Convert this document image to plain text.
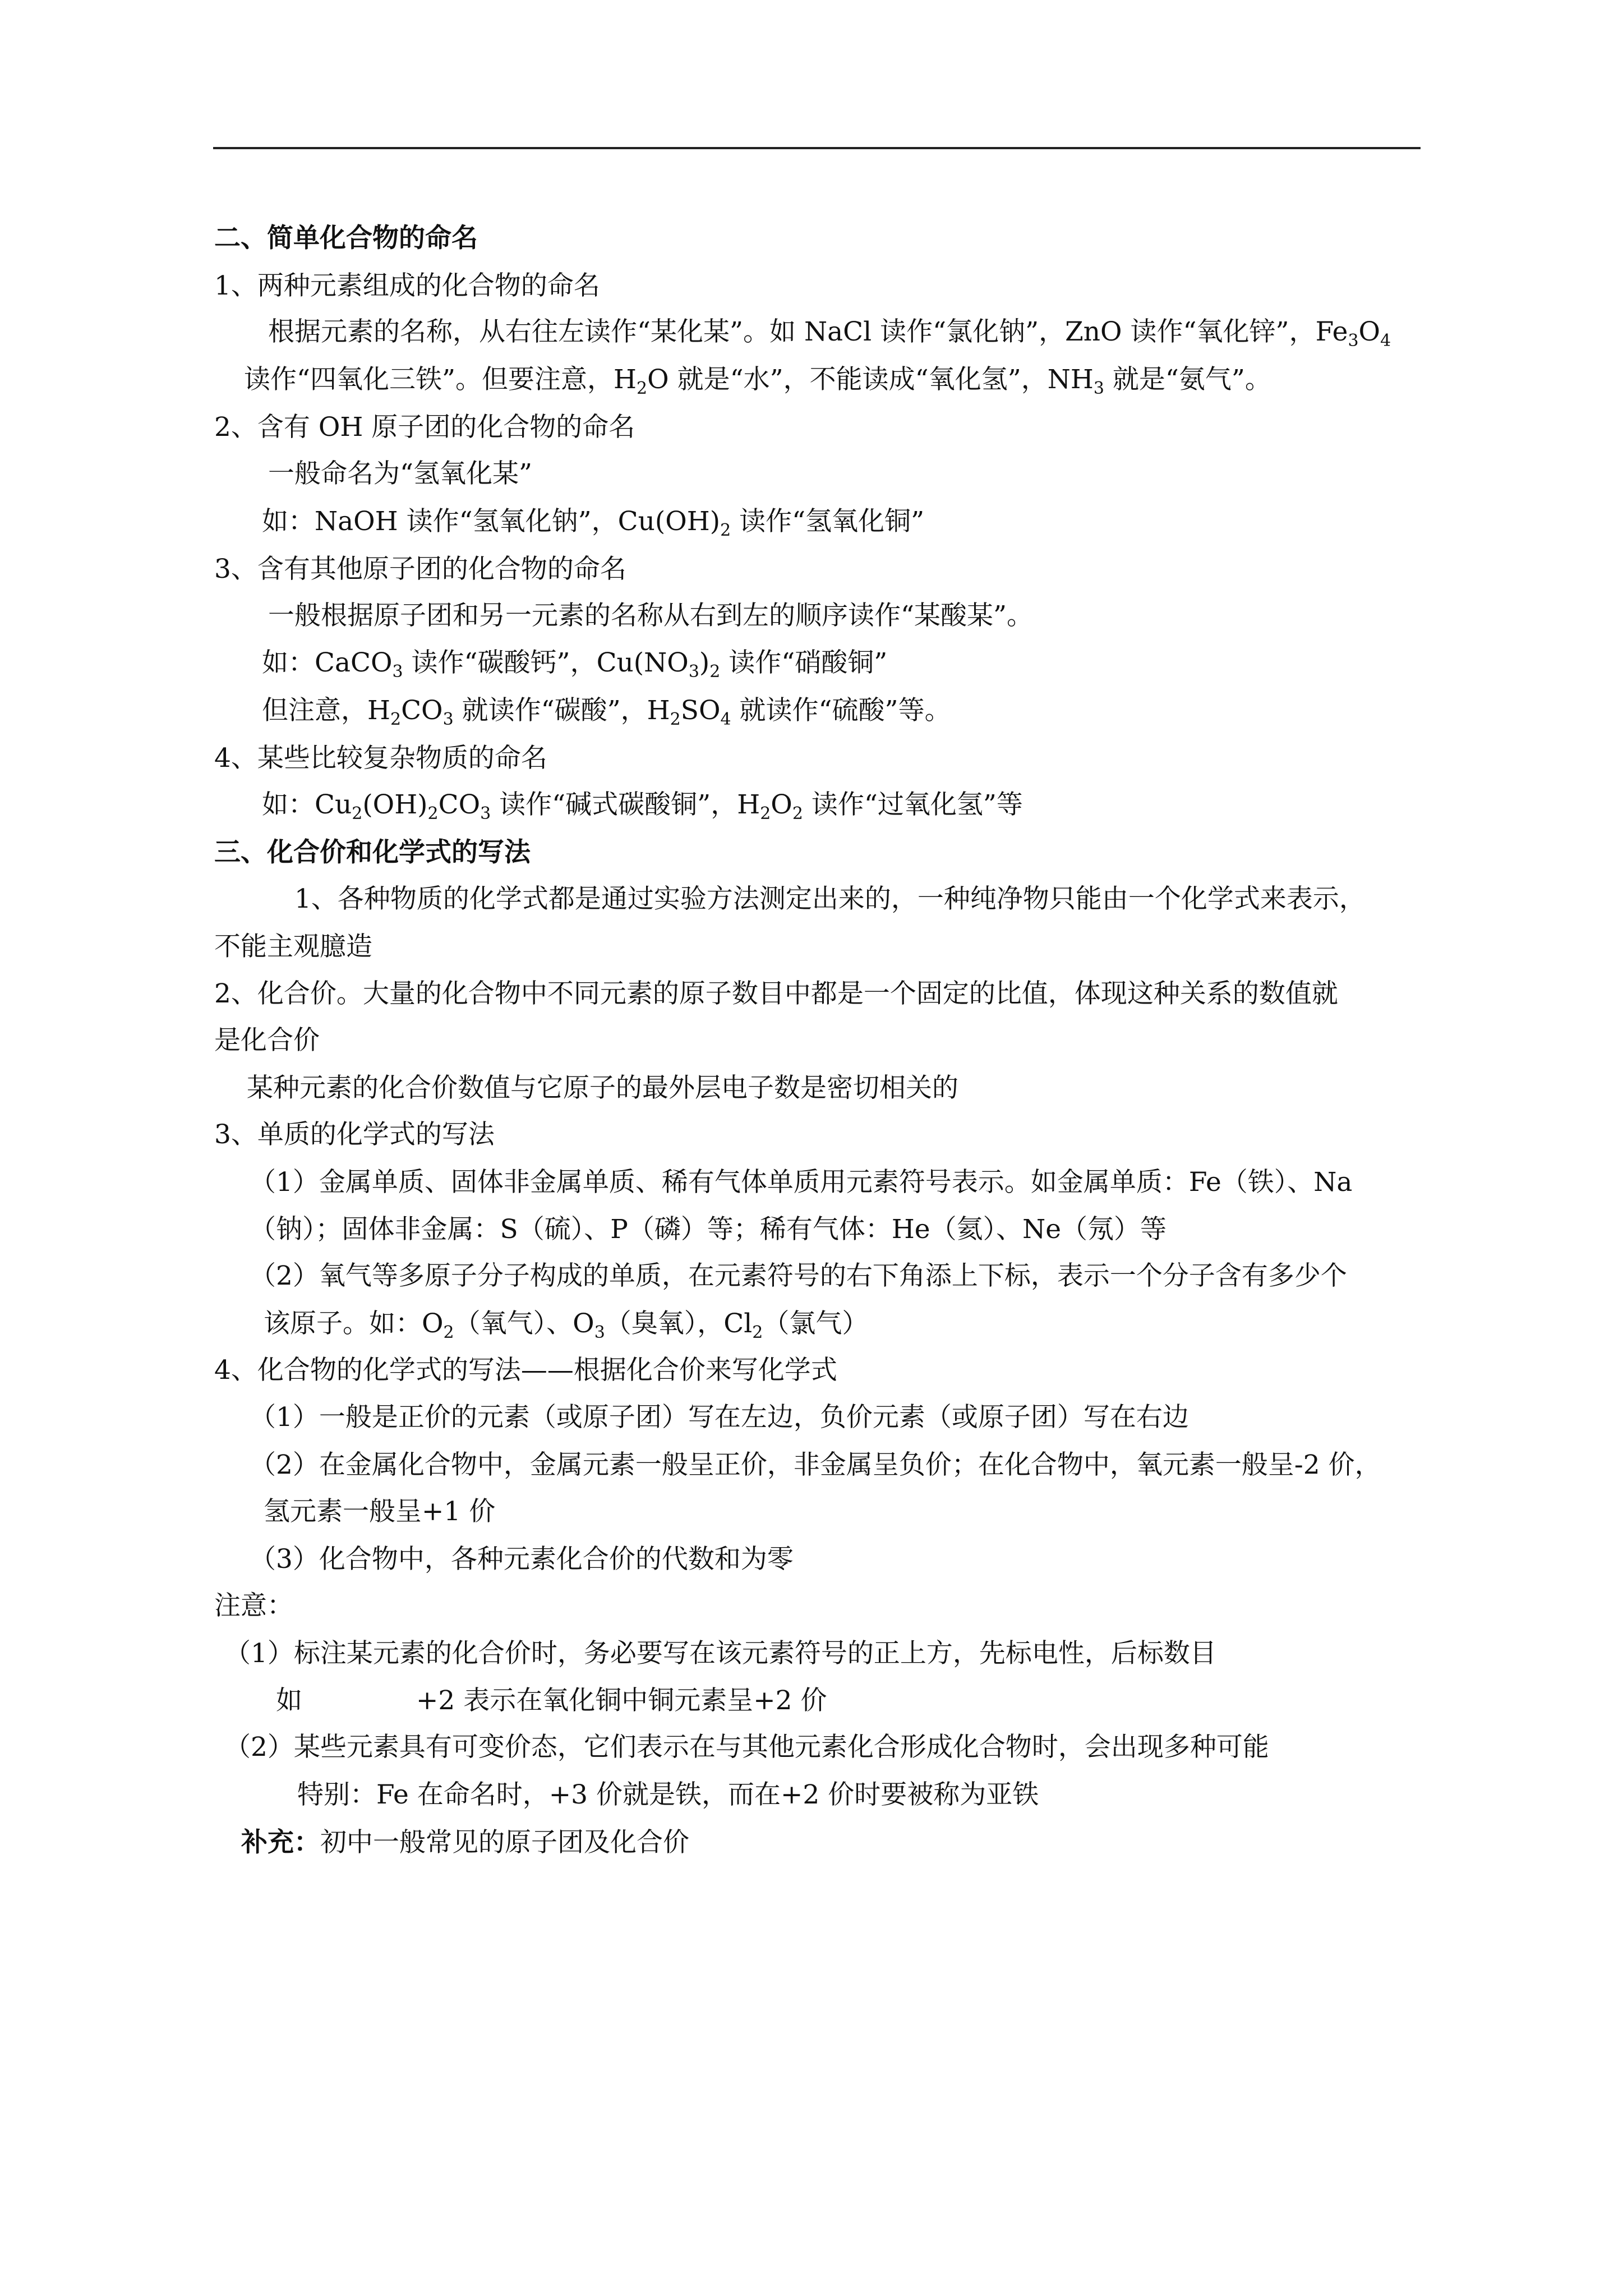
二、简单化合物的命名
1、两种元素组成的化合物的命名
根据元素的名称，从右往左读作“某化某”。如 NaCl 读作“氯化钠”，ZnO 读作“氧化锌”，$Fe_3O_4$
读作“四氧化三铁”。但要注意，$H_2O$ 就是“水”，不能读成“氧化氢”，$NH_3$ 就是“氨气”。
2、含有 OH 原子团的化合物的命名
一般命名为“氢氧化某”
如：NaOH 读作“氢氧化钠”，$Cu(OH)_2$ 读作“氢氧化铜”
3、含有其他原子团的化合物的命名
一般根据原子团和另一元素的名称从右到左的顺序读作“某酸某”。
如：CaCO$_3$ 读作“碳酸钙”，$Cu(NO_3)_2$ 读作“硝酸铜”
但注意，$H_2CO_3$ 就读作“碳酸”，$H_2SO_4$ 就读作“硫酸”等。
4、某些比较复杂物质的命名
如：$Cu_2(OH)_2CO_3$ 读作“碱式碳酸铜”，$H_2O_2$ 读作“过氧化氢”等
三、化合价和化学式的写法
1、各种物质的化学式都是通过实验方法测定出来的，一种纯净物只能由一个化学式来表示，
不能主观臆造
2、化合价。大量的化合物中不同元素的原子数目中都是一个固定的比值，体现这种关系的数值就
是化合价
某种元素的化合价数值与它原子的最外层电子数是密切相关的
3、单质的化学式的写法
（1）金属单质、固体非金属单质、稀有气体单质用元素符号表示。如金属单质：Fe（铁）、Na
（钠）；固体非金属：S（硫）、P（磷）等；稀有气体：He（氦）、Ne（氖）等
（2）氧气等多原子分子构成的单质，在元素符号的右下角添上下标，表示一个分子含有多少个
该原子。如：$O_2$（氧气）、$O_3$（臭氧），$Cl_2$（氯气）
4、化合物的化学式的写法——根据化合价来写化学式
（1）一般是正价的元素（或原子团）写在左边，负价元素（或原子团）写在右边
（2）在金属化合物中，金属元素一般呈正价，非金属呈负价；在化合物中，氧元素一般呈-2 价，
氢元素一般呈+1 价
（3）化合物中，各种元素化合价的代数和为零
注意：
（1）标注某元素的化合价时，务必要写在该元素符号的正上方，先标电性，后标数目
如	+2 表示在氧化铜中铜元素呈+2 价
（2）某些元素具有可变价态，它们表示在与其他元素化合形成化合物时，会出现多种可能
特别：Fe 在命名时，+3 价就是铁，而在+2 价时要被称为亚铁
补充：初中一般常见的原子团及化合价
